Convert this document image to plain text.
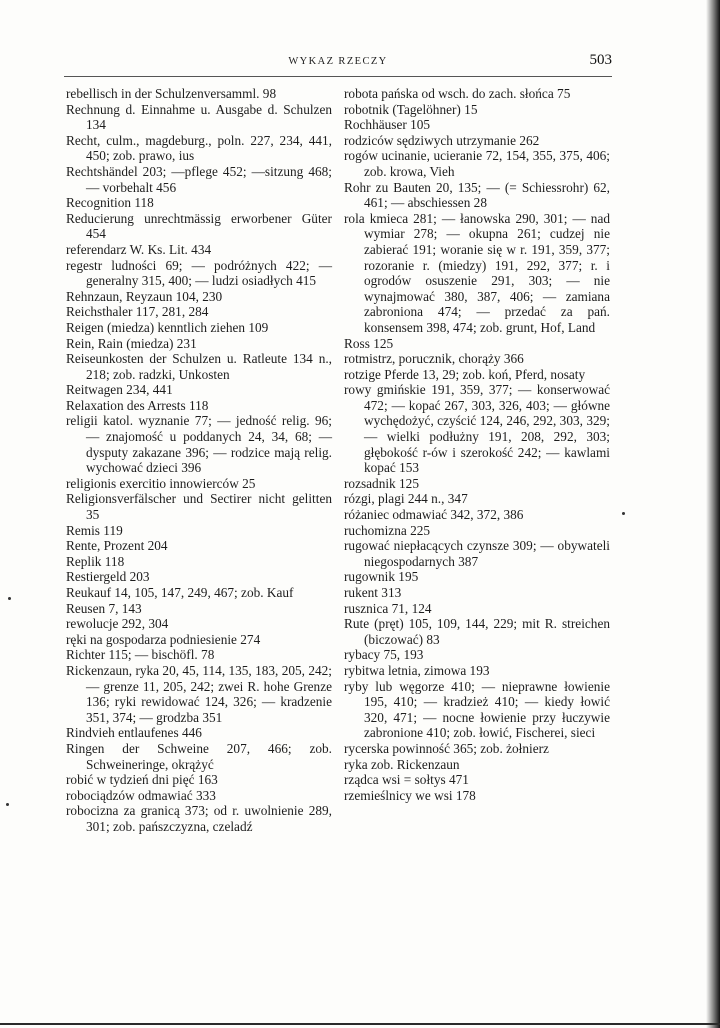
WYKAZ RZECZY	503

rebellisch in der Schulzenversamml. 98

Rechnung d. Einnahme u. Ausgabe d. Schulzen 134

Recht, culm., magdeburg., poln. 227, 234, 441, 450; zob. prawo, ius

Rechtshändel 203; —pflege 452; —sitzung 468; — vorbehalt 456

Recognition 118

Reducierung unrechtmässig erworbener Güter 454

referendarz W. Ks. Lit. 434

regestr ludności 69; — podróżnych 422; — generalny 315, 400; — ludzi osiadłych 415

Rehnzaun, Reyzaun 104, 230

Reichsthaler 117, 281, 284

Reigen (miedza) kenntlich ziehen 109

Rein, Rain (miedza) 231

Reiseunkosten der Schulzen u. Ratleute 134 n., 218; zob. radzki, Unkosten

Reitwagen 234, 441

Relaxation des Arrests 118

religii katol. wyznanie 77; — jedność relig. 96; — znajomość u poddanych 24, 34, 68; — dysputy zakazane 396; — rodzice mają relig. wychować dzieci 396

religionis exercitio innowierców 25

Religionsverfälscher und Sectirer nicht gelitten 35

Remis 119

Rente, Prozent 204

Replik 118

Restiergeld 203

Reukauf 14, 105, 147, 249, 467; zob. Kauf

Reusen 7, 143

rewolucje 292, 304

ręki na gospodarza podniesienie 274

Richter 115; — bischöfl. 78

Rickenzaun, ryka 20, 45, 114, 135, 183, 205, 242; — grenze 11, 205, 242; zwei R. hohe Grenze 136; ryki rewidować 124, 326; — kradzenie 351, 374; — grodzba 351

Rindvieh entlaufenes 446

Ringen der Schweine 207, 466; zob. Schweineringe, okrążyć

robić w tydzień dni pięć 163

robociądzów odmawiać 333

robocizna za granicą 373; od r. uwolnienie 289, 301; zob. pańszczyzna, czeladź

robota pańska od wsch. do zach. słońca 75

robotnik (Tagelöhner) 15

Rochhäuser 105

rodziców sędziwych utrzymanie 262

rogów ucinanie, ucieranie 72, 154, 355, 375, 406; zob. krowa, Vieh

Rohr zu Bauten 20, 135; — (= Schiessrohr) 62, 461; — abschiessen 28

rola kmieca 281; — łanowska 290, 301; — nad wymiar 278; — okupna 261; cudzej nie zabierać 191; woranie się w r. 191, 359, 377; rozoranie r. (miedzy) 191, 292, 377; r. i ogrodów osuszenie 291, 303; — nie wynajmować 380, 387, 406; — zamiana zabroniona 474; — przedać za pań. konsensem 398, 474; zob. grunt, Hof, Land

Ross 125

rotmistrz, porucznik, chorąży 366

rotzige Pferde 13, 29; zob. koń, Pferd, nosaty

rowy gmińskie 191, 359, 377; — konserwować 472; — kopać 267, 303, 326, 403; — główne wychędożyć, czyścić 124, 246, 292, 303, 329; — wielki podłużny 191, 208, 292, 303; głębokość r-ów i szerokość 242; — kawlami kopać 153

rozsadnik 125

rózgi, plagi 244 n., 347

różaniec odmawiać 342, 372, 386

ruchomizna 225

rugować niepłacących czynsze 309; — obywateli niegospodarnych 387

rugownik 195

rukent 313

rusznica 71, 124

Rute (pręt) 105, 109, 144, 229; mit R. streichen (biczować) 83

rybacy 75, 193

rybitwa letnia, zimowa 193

ryby lub węgorze 410; — nieprawne łowienie 195, 410; — kradzież 410; — kiedy łowić 320, 471; — nocne łowienie przy łuczywie zabronione 410; zob. łowić, Fischerei, sieci

rycerska powinność 365; zob. żołnierz

ryka zob. Rickenzaun

rządca wsi = sołtys 471

rzemieślnicy we wsi 178
